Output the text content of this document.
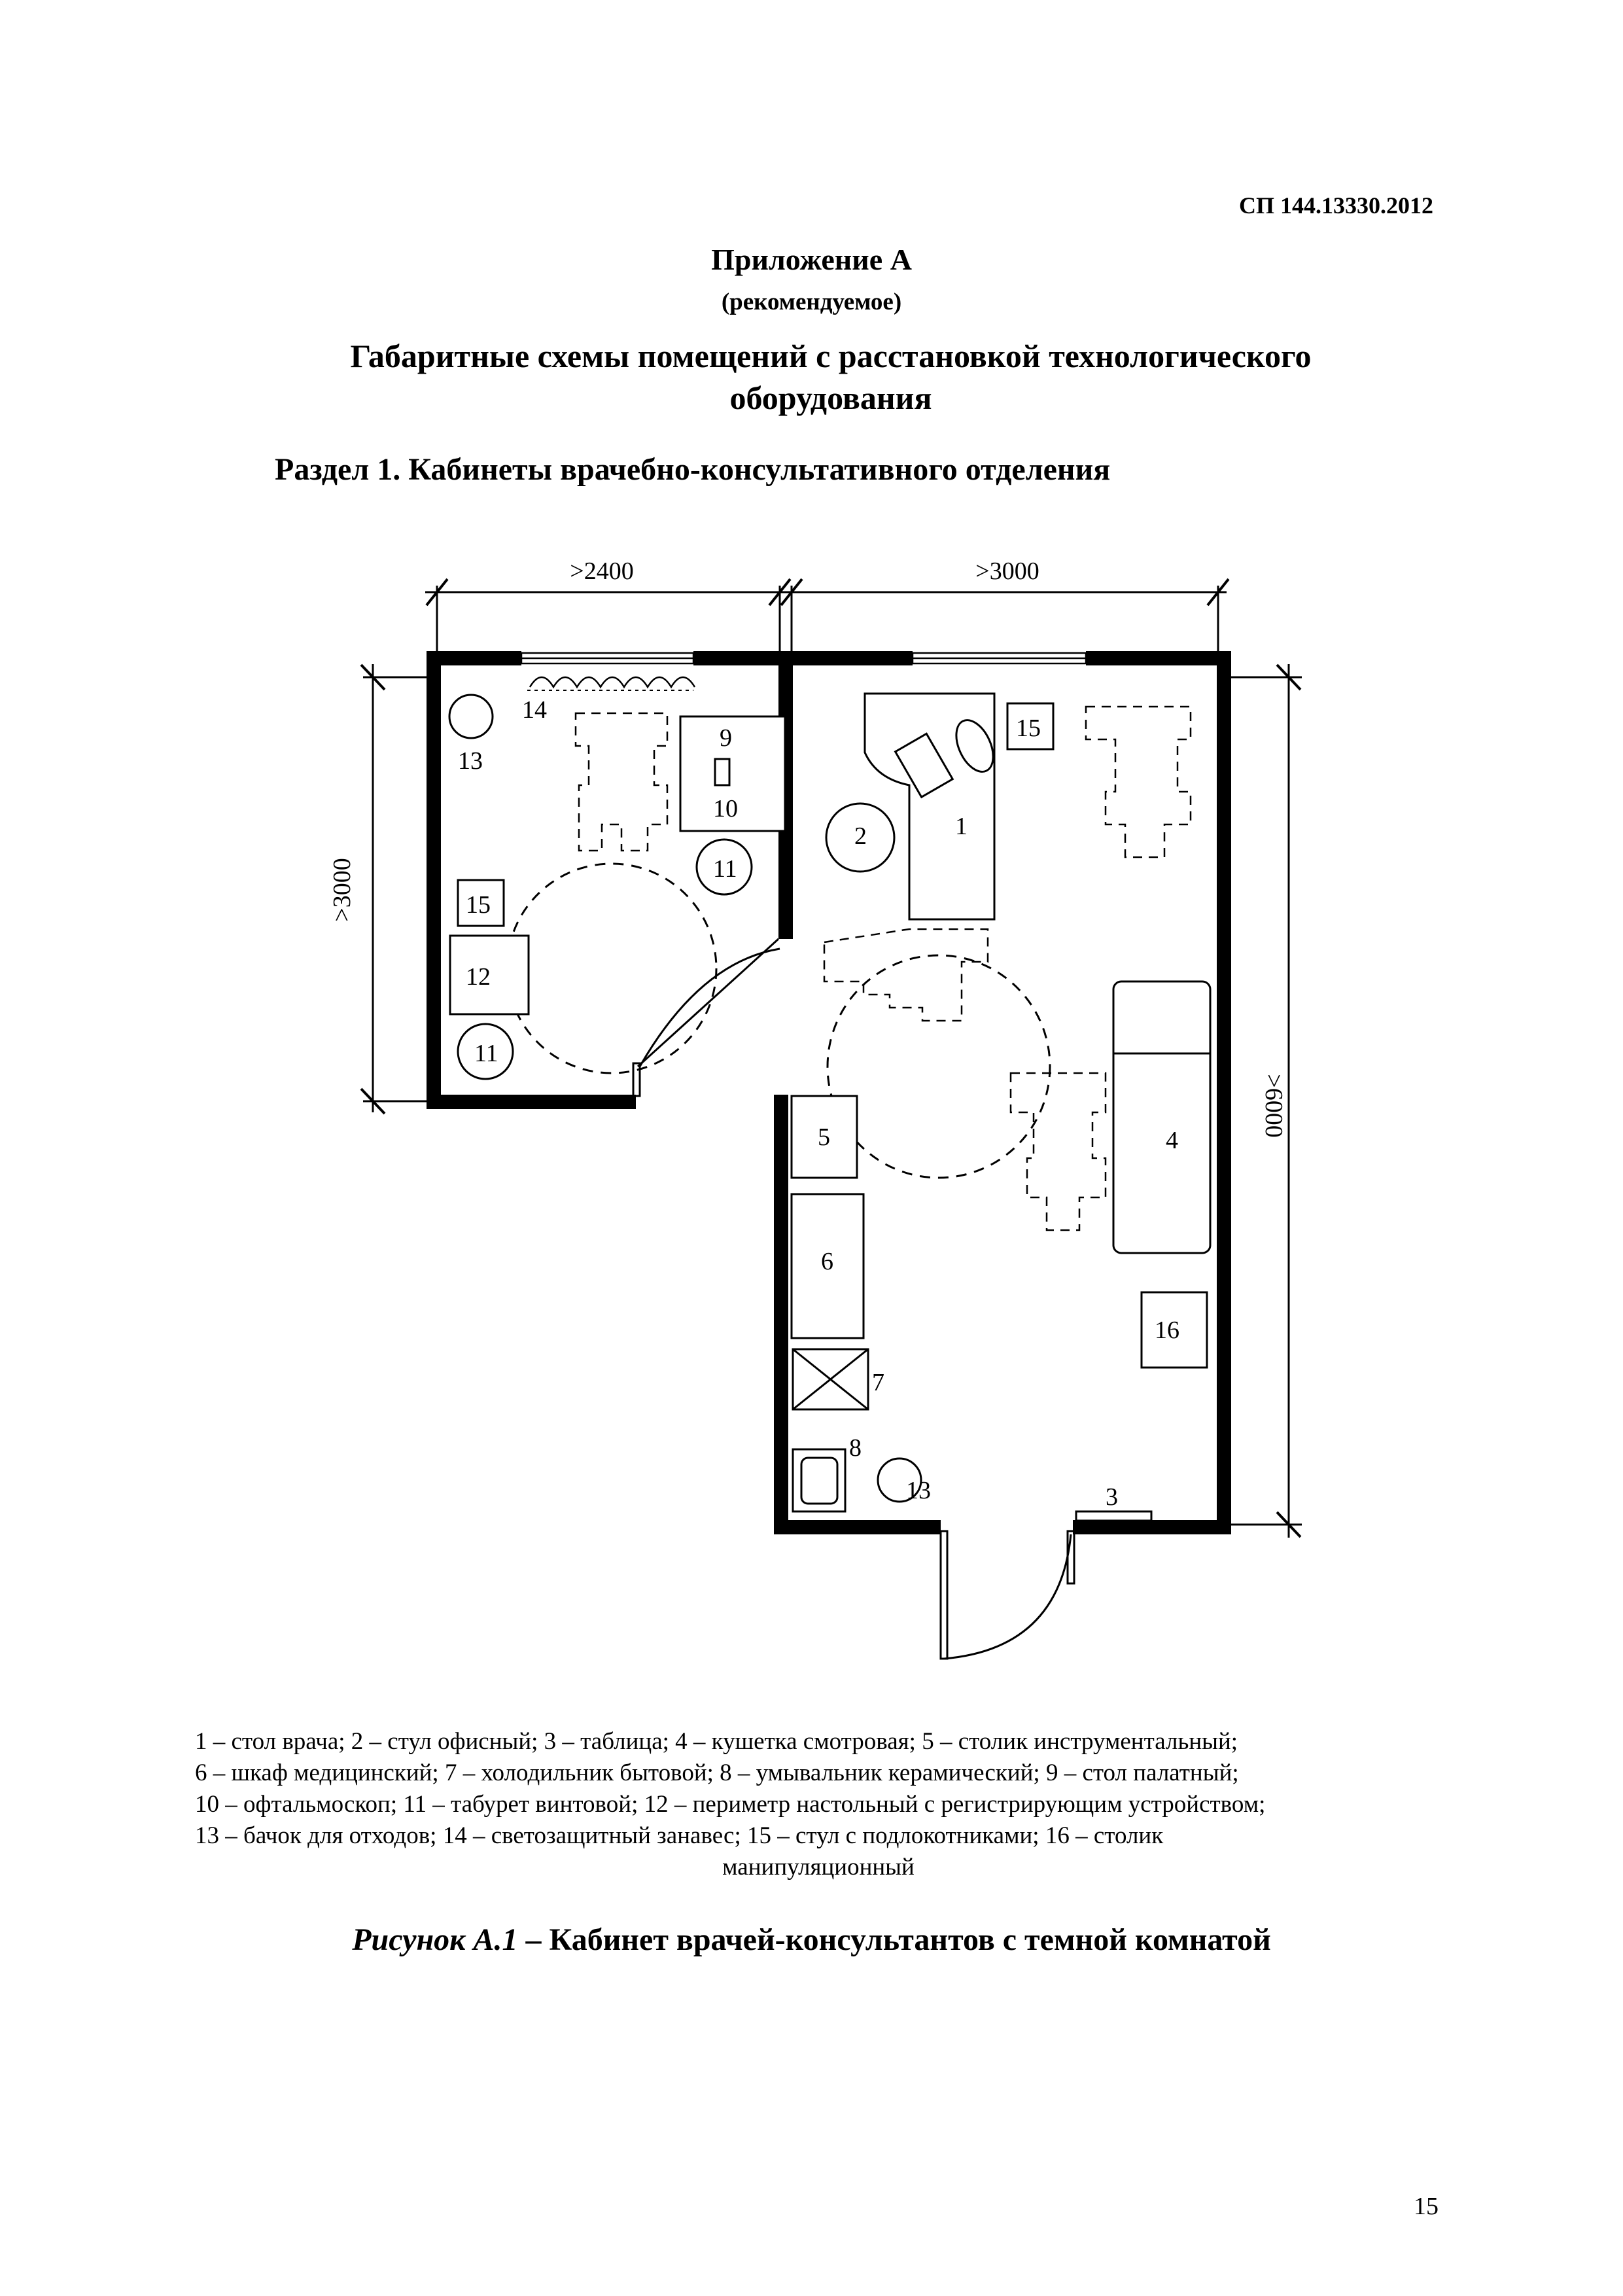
СП 144.13330.2012
Приложение А
(рекомендуемое)
Габаритные схемы помещений с расстановкой технологического оборудования
Раздел 1. Кабинеты врачебно-консультативного отделения
>2400	>3000
>3000
>6000
1
2
3
4
5
6
7
8
9
10
11
11
12
13
13
14
15
15
16
1 – стол врача; 2 – стул офисный; 3 – таблица; 4 – кушетка смотровая; 5 – столик инструментальный;
6 – шкаф медицинский; 7 – холодильник бытовой; 8 – умывальник керамический; 9 – стол палатный;
10 – офтальмоскоп; 11 – табурет винтовой; 12 – периметр настольный с регистрирующим устройством;
13 – бачок для отходов; 14 – светозащитный занавес; 15 – стул с подлокотниками; 16 – столик
манипуляционный
Рисунок А.1 – Кабинет врачей-консультантов с темной комнатой
15
